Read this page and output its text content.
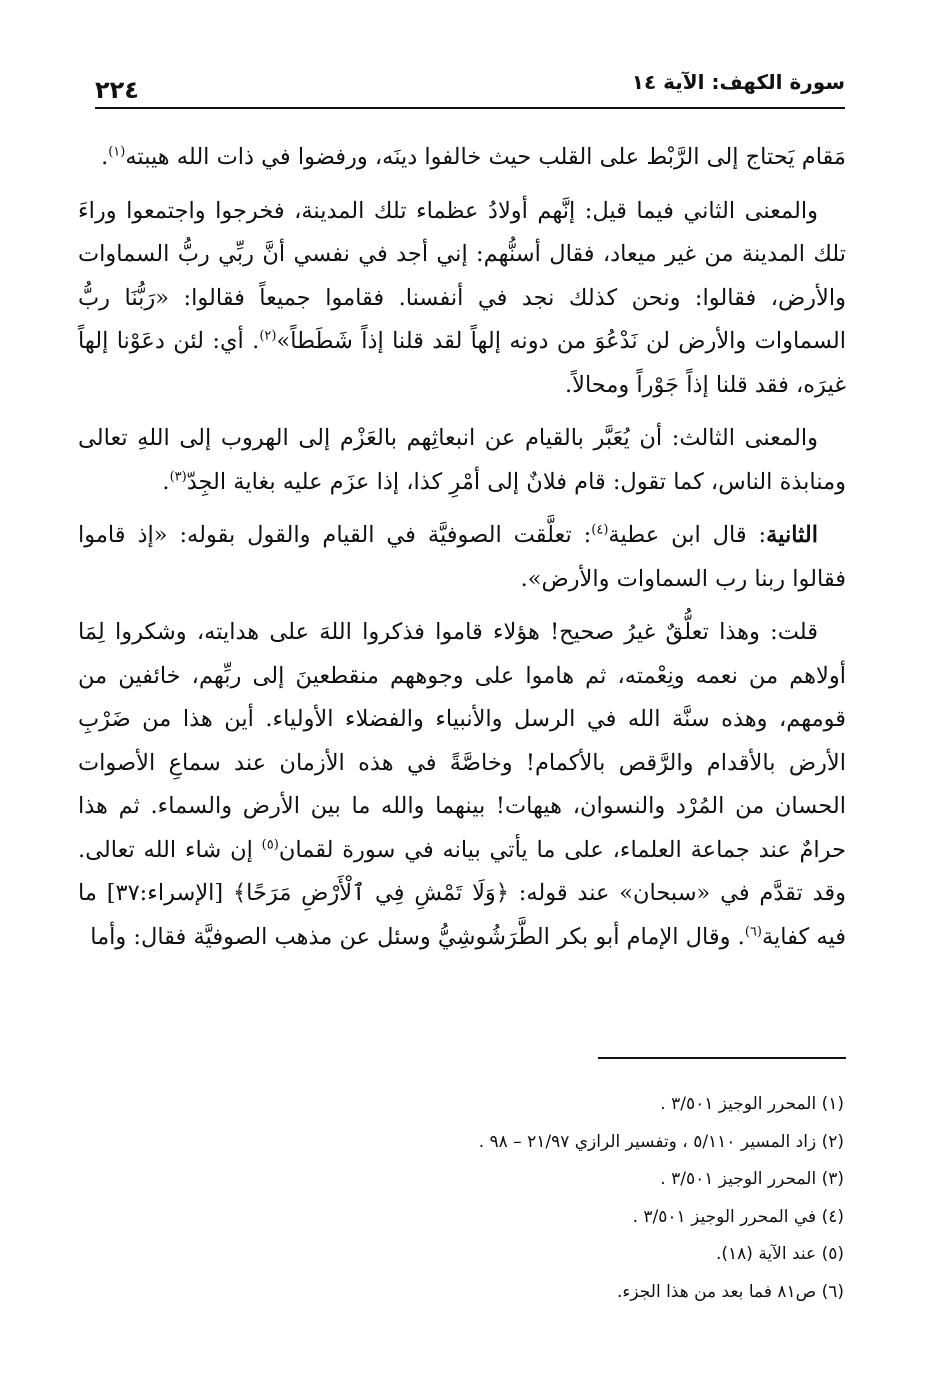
٢٢٤	سورة الكهف: الآية ١٤

مَقام يَحتاج إلى الرَّبْط على القلب حيث خالفوا دينَه، ورفضوا في ذات الله هيبته$^{(١)}$.

والمعنى الثاني فيما قيل: إنَّهم أولادُ عظماء تلك المدينة، فخرجوا واجتمعوا وراءَ تلك المدينة من غير ميعاد، فقال أسنُّهم: إني أجد في نفسي أنَّ ربِّي ربُّ السماوات والأرض، فقالوا: ونحن كذلك نجد في أنفسنا. فقاموا جميعاً فقالوا: «رَبُّنَا ربُّ السماوات والأرض لن نَدْعُوَ من دونه إلهاً لقد قلنا إذاً شَطَطاً»$^{(٢)}$. أي: لئن دعَوْنا إلهاً غيرَه، فقد قلنا إذاً جَوْراً ومحالاً.

والمعنى الثالث: أن يُعَبَّر بالقيام عن انبعاثِهم بالعَزْم إلى الهروب إلى اللهِ تعالى ومنابذة الناس، كما تقول: قام فلانٌ إلى أمْرِ كذا، إذا عزَم عليه بغاية الجِدّ$^{(٣)}$.

الثانية: قال ابن عطية$^{(٤)}$: تعلَّقت الصوفيَّة في القيام والقول بقوله: «إذ قاموا فقالوا ربنا رب السماوات والأرض».

قلت: وهذا تعلُّقٌ غيرُ صحيح! هؤلاء قاموا فذكروا اللهَ على هدايته، وشكروا لِمَا أولاهم من نعمه ونِعْمته، ثم هاموا على وجوههم منقطعينَ إلى ربِّهم، خائفين من قومهم، وهذه سنَّة الله في الرسل والأنبياء والفضلاء الأولياء. أين هذا من ضَرْبِ الأرض بالأقدام والرَّقص بالأكمام! وخاصَّةً في هذه الأزمان عند سماعِ الأصوات الحسان من المُرْد والنسوان، هيهات! بينهما والله ما بين الأرض والسماء. ثم هذا حرامٌ عند جماعة العلماء، على ما يأتي بيانه في سورة لقمان$^{(٥)}$ إن شاء الله تعالى. وقد تقدَّم في «سبحان» عند قوله: ﴿وَلَا تَمْشِ فِي ٱلْأَرْضِ مَرَحًا﴾ [الإسراء:٣٧] ما فيه كفاية$^{(٦)}$. وقال الإمام أبو بكر الطَّرَشُوشِيُّ وسئل عن مذهب الصوفيَّة فقال: وأما

(١) المحرر الوجيز ٣/٥٠١ .

(٢) زاد المسير ٥/١١٠ ، وتفسير الرازي ٢١/٩٧ – ٩٨ .

(٣) المحرر الوجيز ٣/٥٠١ .

(٤) في المحرر الوجيز ٣/٥٠١ .

(٥) عند الآية (١٨).

(٦) ص٨١ فما بعد من هذا الجزء.
